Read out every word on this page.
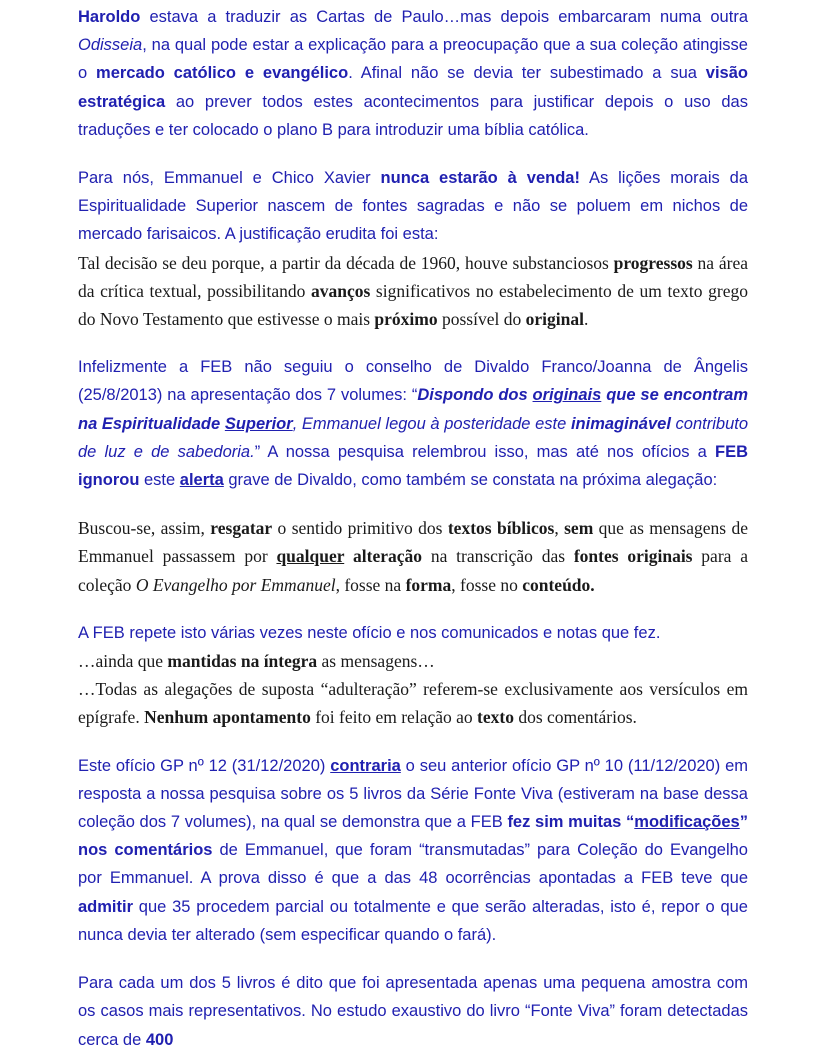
Haroldo estava a traduzir as Cartas de Paulo…mas depois embarcaram numa outra Odisseia, na qual pode estar a explicação para a preocupação que a sua coleção atingisse o mercado católico e evangélico. Afinal não se devia ter subestimado a sua visão estratégica ao prever todos estes acontecimentos para justificar depois o uso das traduções e ter colocado o plano B para introduzir uma bíblia católica.

Para nós, Emmanuel e Chico Xavier nunca estarão à venda! As lições morais da Espiritualidade Superior nascem de fontes sagradas e não se poluem em nichos de mercado farisaicos. A justificação erudita foi esta:

Tal decisão se deu porque, a partir da década de 1960, houve substanciosos progressos na área da crítica textual, possibilitando avanços significativos no estabelecimento de um texto grego do Novo Testamento que estivesse o mais próximo possível do original.

Infelizmente a FEB não seguiu o conselho de Divaldo Franco/Joanna de Ângelis (25/8/2013) na apresentação dos 7 volumes: “Dispondo dos originais que se encontram na Espiritualidade Superior, Emmanuel legou à posteridade este inimaginável contributo de luz e de sabedoria.” A nossa pesquisa relembrou isso, mas até nos ofícios a FEB ignorou este alerta grave de Divaldo, como também se constata na próxima alegação:

Buscou-se, assim, resgatar o sentido primitivo dos textos bíblicos, sem que as mensagens de Emmanuel passassem por qualquer alteração na transcrição das fontes originais para a coleção O Evangelho por Emmanuel, fosse na forma, fosse no conteúdo.

A FEB repete isto várias vezes neste ofício e nos comunicados e notas que fez.

…ainda que mantidas na íntegra as mensagens…

…Todas as alegações de suposta “adulteração” referem-se exclusivamente aos versículos em epígrafe. Nenhum apontamento foi feito em relação ao texto dos comentários.

Este ofício GP nº 12 (31/12/2020) contraria o seu anterior ofício GP nº 10 (11/12/2020) em resposta a nossa pesquisa sobre os 5 livros da Série Fonte Viva (estiveram na base dessa coleção dos 7 volumes), na qual se demonstra que a FEB fez sim muitas “modificações” nos comentários de Emmanuel, que foram “transmutadas” para Coleção do Evangelho por Emmanuel. A prova disso é que a das 48 ocorrências apontadas a FEB teve que admitir que 35 procedem parcial ou totalmente e que serão alteradas, isto é, repor o que nunca devia ter alterado (sem especificar quando o fará).

Para cada um dos 5 livros é dito que foi apresentada apenas uma pequena amostra com os casos mais representativos. No estudo exaustivo do livro “Fonte Viva” foram detectadas cerca de 400
